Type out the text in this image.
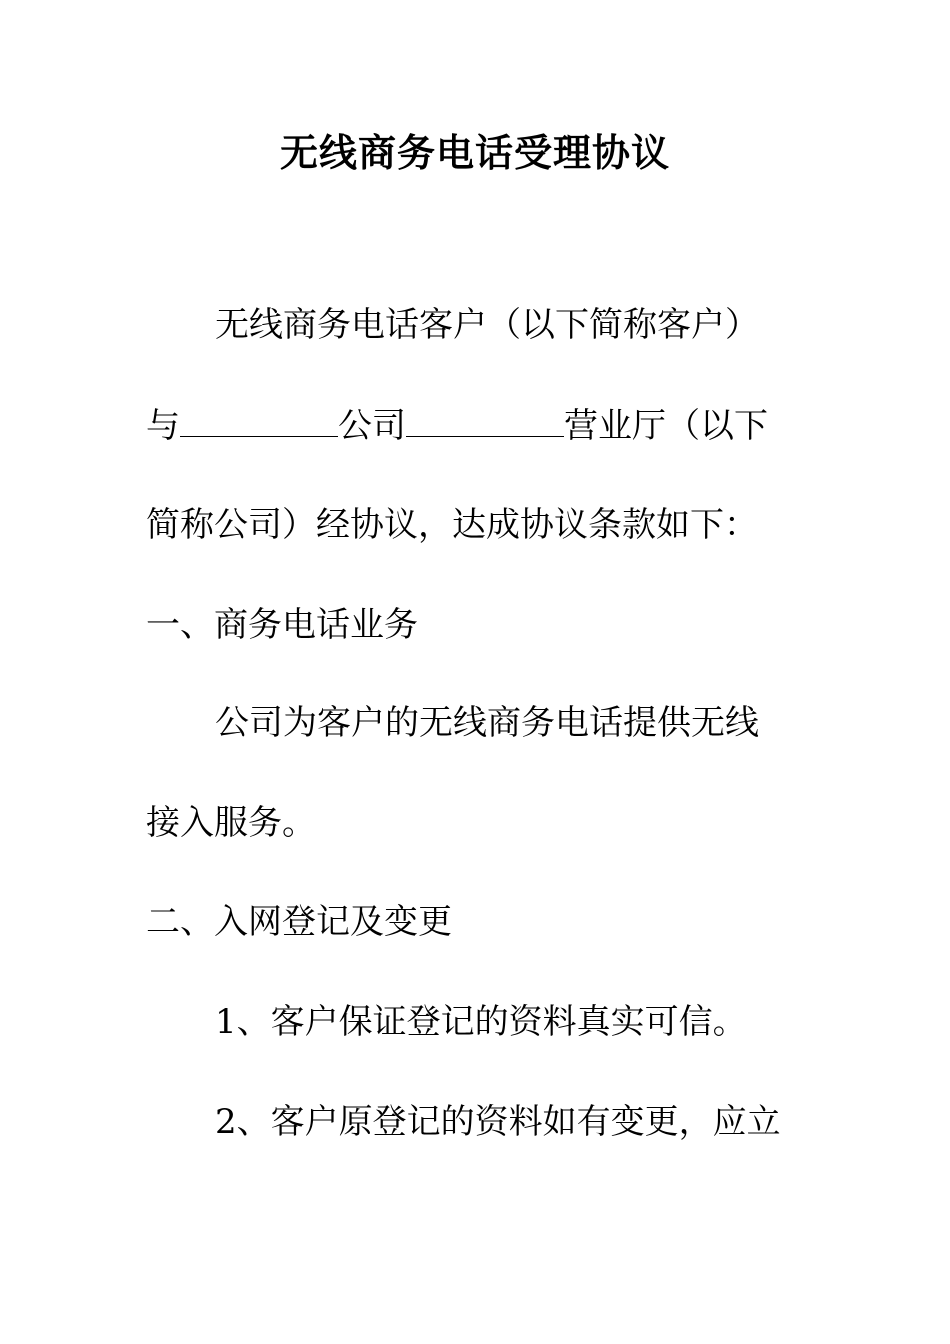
无线商务电话受理协议
无线商务电话客户（以下简称客户）
与	公司	营业厅（以下
简称公司）经协议，达成协议条款如下：
一、商务电话业务
公司为客户的无线商务电话提供无线
接入服务。
二、入网登记及变更
1、客户保证登记的资料真实可信。
2、客户原登记的资料如有变更，应立
